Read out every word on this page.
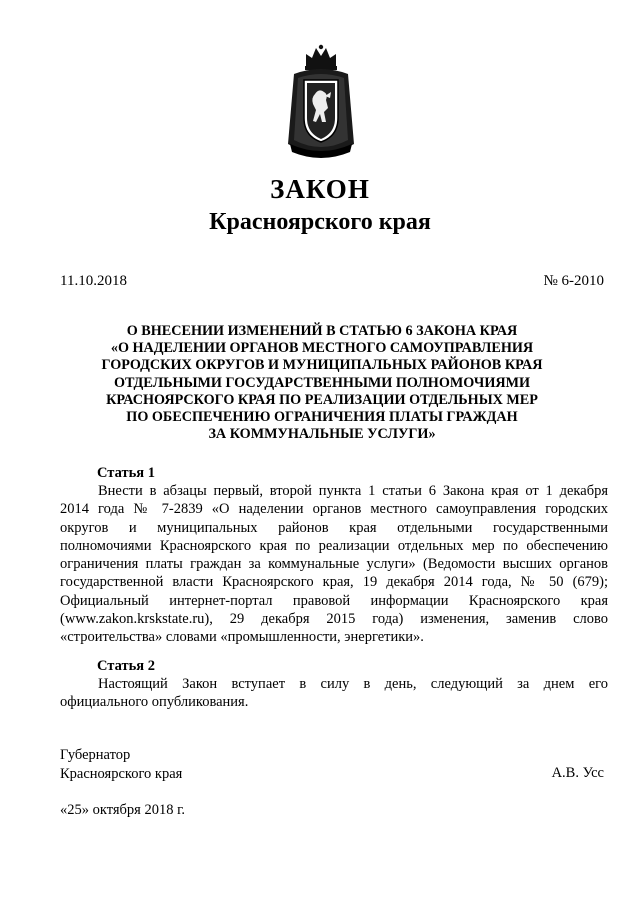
ЗАКОН
Красноярского края
11.10.2018	№ 6-2010
О ВНЕСЕНИИ ИЗМЕНЕНИЙ В СТАТЬЮ 6 ЗАКОНА КРАЯ
«О НАДЕЛЕНИИ ОРГАНОВ МЕСТНОГО САМОУПРАВЛЕНИЯ
ГОРОДСКИХ ОКРУГОВ И МУНИЦИПАЛЬНЫХ РАЙОНОВ КРАЯ
ОТДЕЛЬНЫМИ ГОСУДАРСТВЕННЫМИ ПОЛНОМОЧИЯМИ
КРАСНОЯРСКОГО КРАЯ ПО РЕАЛИЗАЦИИ ОТДЕЛЬНЫХ МЕР
ПО ОБЕСПЕЧЕНИЮ ОГРАНИЧЕНИЯ ПЛАТЫ ГРАЖДАН
ЗА КОММУНАЛЬНЫЕ УСЛУГИ»
Статья 1
Внести в абзацы первый, второй пункта 1 статьи 6 Закона края от 1 декабря
2014 года № 7-2839 «О наделении органов местного самоуправления городских
округов и муниципальных районов края отдельными государственными
полномочиями Красноярского края по реализации отдельных мер по обеспечению
ограничения платы граждан за коммунальные услуги» (Ведомости высших органов
государственной власти Красноярского края, 19 декабря 2014 года, № 50 (679);
Официальный интернет-портал правовой информации Красноярского края
(www.zakon.krskstate.ru), 29 декабря 2015 года) изменения, заменив слово
«строительства» словами «промышленности, энергетики».
Статья 2
Настоящий Закон вступает в силу в день, следующий за днем его
официального опубликования.
Губернатор
Красноярского края	А.В. Усс
«25» октября 2018 г.
